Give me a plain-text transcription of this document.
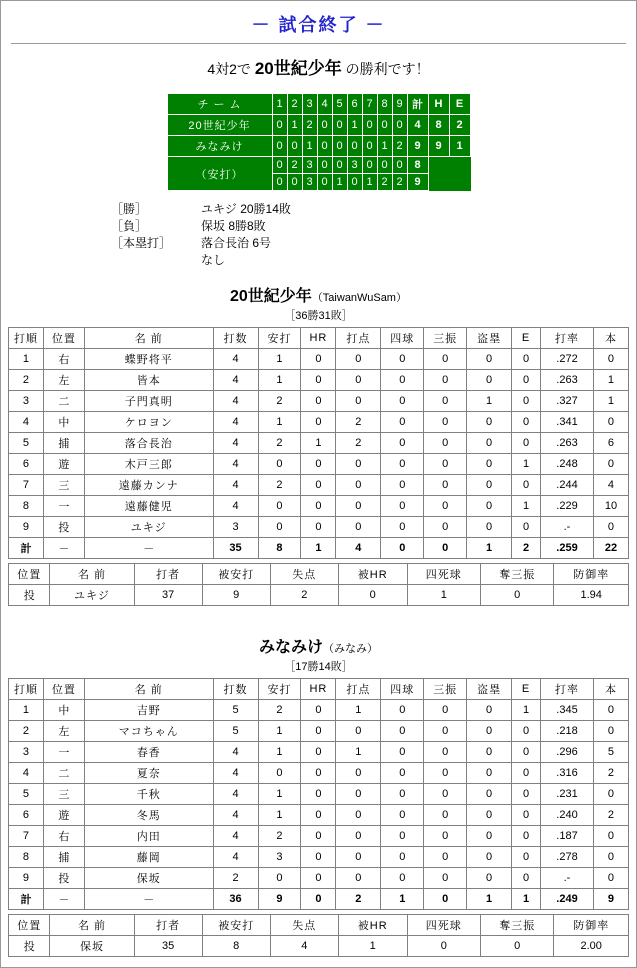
－ 試合終了 －
4対2で 20世紀少年 の勝利です！
チ ー ム	1	2	3	4	5	6	7	8	9	計	H	E
20世紀少年	0	1	2	0	0	1	0	0	0	4	8	2
みなみけ	0	0	1	0	0	0	0	1	2	9	9	1
（安打）	0	2	3	0	0	3	0	0	0	8		
	0	0	3	0	1	0	1	2	2	9		
［勝］	ユキジ 20勝14敗
［負］	保坂 8勝8敗
［本塁打］ 落合長治 6号
なし
20世紀少年（TaiwanWuSam）
［36勝31敗］
打順	位置	名 前	打数	安打	HR	打点	四球	三振	盗塁	E	打率	本
1	右	蝶野将平	4	1	0	0	0	0	0	0	.272	0
2	左	皆本	4	1	0	0	0	0	0	0	.263	1
3	二	子門真明	4	2	0	0	0	0	1	0	.327	1
4	中	ケロヨン	4	1	0	2	0	0	0	0	.341	0
5	捕	落合長治	4	2	1	2	0	0	0	0	.263	6
6	遊	木戸三郎	4	0	0	0	0	0	0	1	.248	0
7	三	遠藤カンナ	4	2	0	0	0	0	0	0	.244	4
8	一	遠藤健児	4	0	0	0	0	0	0	1	.229	10
9	投	ユキジ	3	0	0	0	0	0	0	0	.-	0
計	－	－	35	8	1	4	0	0	1	2	.259	22
位置	名 前	打者	被安打	失点	被HR	四死球	奪三振	防御率
投	ユキジ	37	9	2	0	1	0	1.94
みなみけ（みなみ）
［17勝14敗］
打順	位置	名 前	打数	安打	HR	打点	四球	三振	盗塁	E	打率	本
1	中	吉野	5	2	0	1	0	0	0	1	.345	0
2	左	マコちゃん	5	1	0	0	0	0	0	0	.218	0
3	一	春香	4	1	0	1	0	0	0	0	.296	5
4	二	夏奈	4	0	0	0	0	0	0	0	.316	2
5	三	千秋	4	1	0	0	0	0	0	0	.231	0
6	遊	冬馬	4	1	0	0	0	0	0	0	.240	2
7	右	内田	4	2	0	0	0	0	0	0	.187	0
8	捕	藤岡	4	3	0	0	0	0	0	0	.278	0
9	投	保坂	2	0	0	0	0	0	0	0	.-	0
計	－	－	36	9	0	2	1	0	1	1	.249	9
位置	名 前	打者	被安打	失点	被HR	四死球	奪三振	防御率
投	保坂	35	8	4	1	0	0	2.00
